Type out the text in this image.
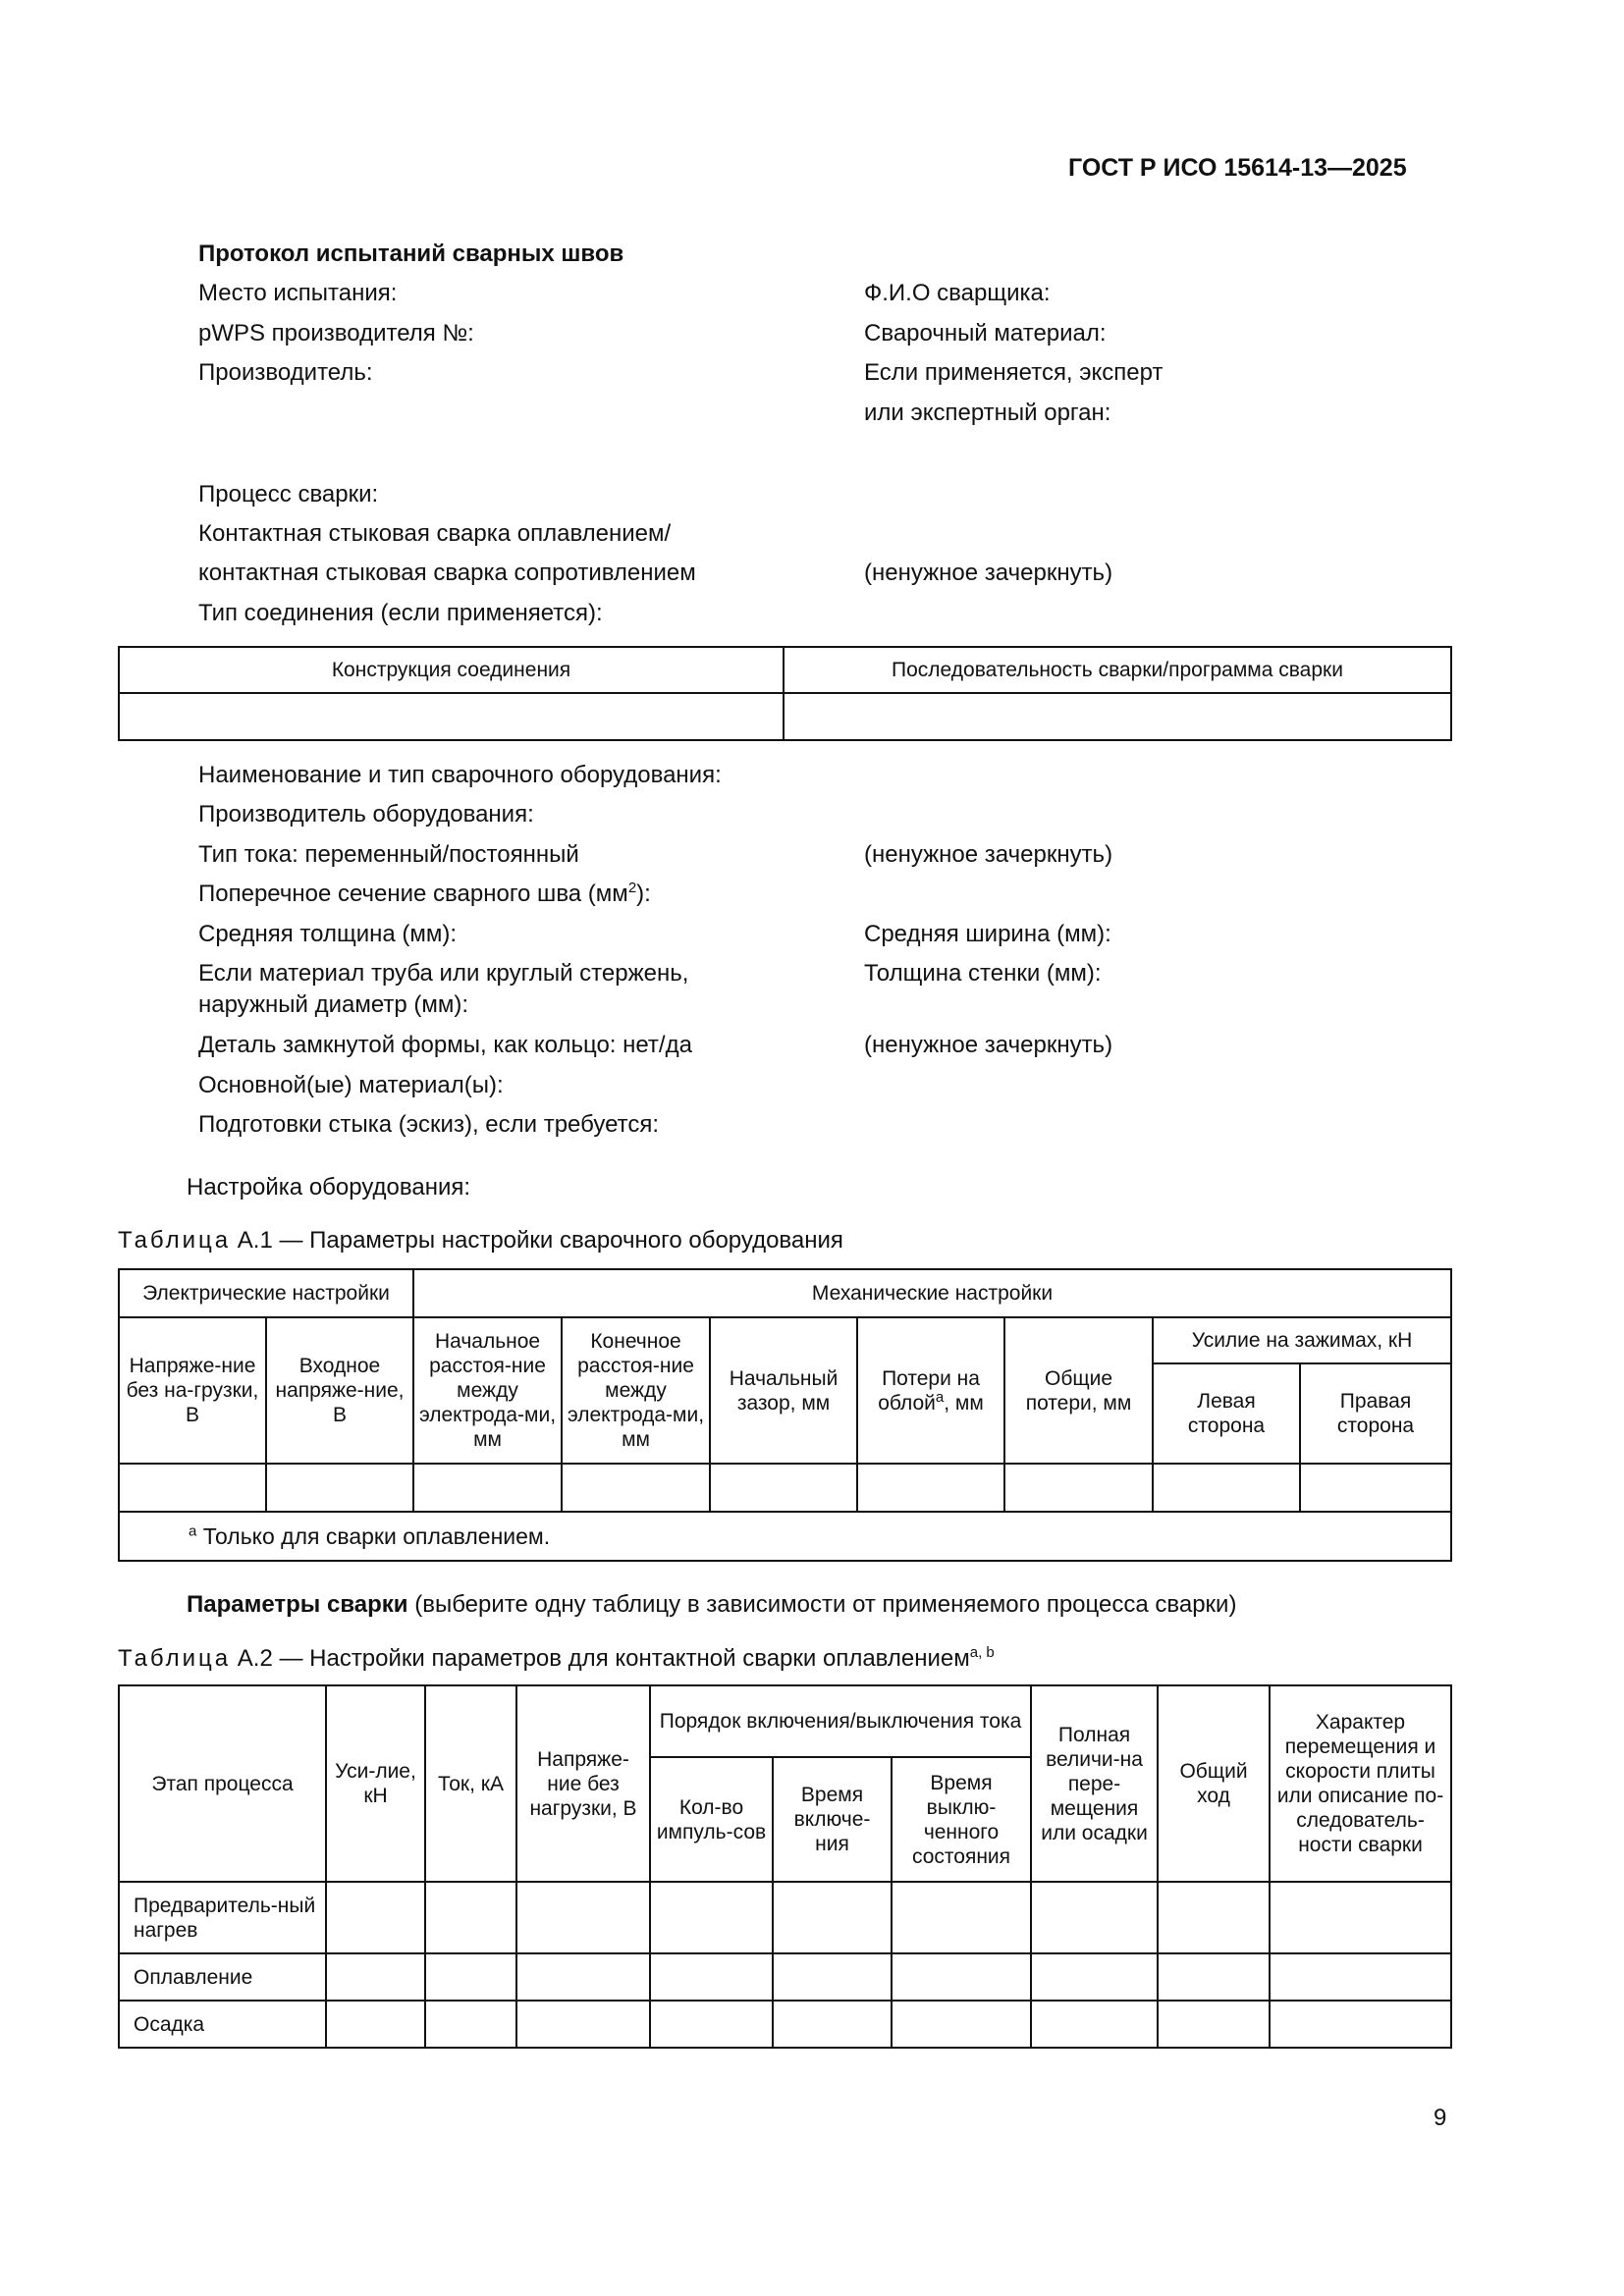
ГОСТ Р ИСО 15614-13—2025
Протокол испытаний сварных швов
Место испытания:
pWPS производителя №:
Производитель:
Ф.И.О сварщика:
Сварочный материал:
Если применяется, эксперт
или экспертный орган:
Процесс сварки:
Контактная стыковая сварка оплавлением/
контактная стыковая сварка сопротивлением	(ненужное зачеркнуть)
Тип соединения (если применяется):
Конструкция соединения	Последовательность сварки/программа сварки

Наименование и тип сварочного оборудования:
Производитель оборудования:
Тип тока: переменный/постоянный	(ненужное зачеркнуть)
Поперечное сечение сварного шва $(мм^2)$:
Средняя толщина (мм):	Средняя ширина (мм):
Если материал труба или круглый стержень,
наружный диаметр (мм):
Толщина стенки (мм):
Деталь замкнутой формы, как кольцо: нет/да	(ненужное зачеркнуть)
Основной(ые) материал(ы):
Подготовки стыка (эскиз), если требуется:
Настройка оборудования:
Таблица А.1 — Параметры настройки сварочного оборудования
Электрические настройки		Механические настройки						
Напряже-ние без на-грузки, В	Входное напряже-ние, В	Начальное расстоя-ние между электрода-ми, мм	Конечное расстоя-ние между электрода-ми, мм	Начальный зазор, мм	Потери на облой$^a$, мм	Общие потери, мм	Усилие на зажимах, кН	
							Левая сторона	Правая сторона

$^a$ Только для сварки оплавлением.								
Параметры сварки (выберите одну таблицу в зависимости от применяемого процесса сварки)
Таблица А.2 — Настройки параметров для контактной сварки оплавлением$^{a, b}$
Этап процесса	Уси-лие, кН	Ток, кА	Напряже-ние без нагрузки, В	Порядок включения/выключения тока			Полная величи-на пере-мещения или осадки	Общий ход	Характер перемещения и скорости плиты или описание по-следователь-ности сварки
				Кол-во импуль-сов	Время включе-ния	Время выклю-ченного состояния			
Предваритель-ный нагрев									
Оплавление									
Осадка									
9
